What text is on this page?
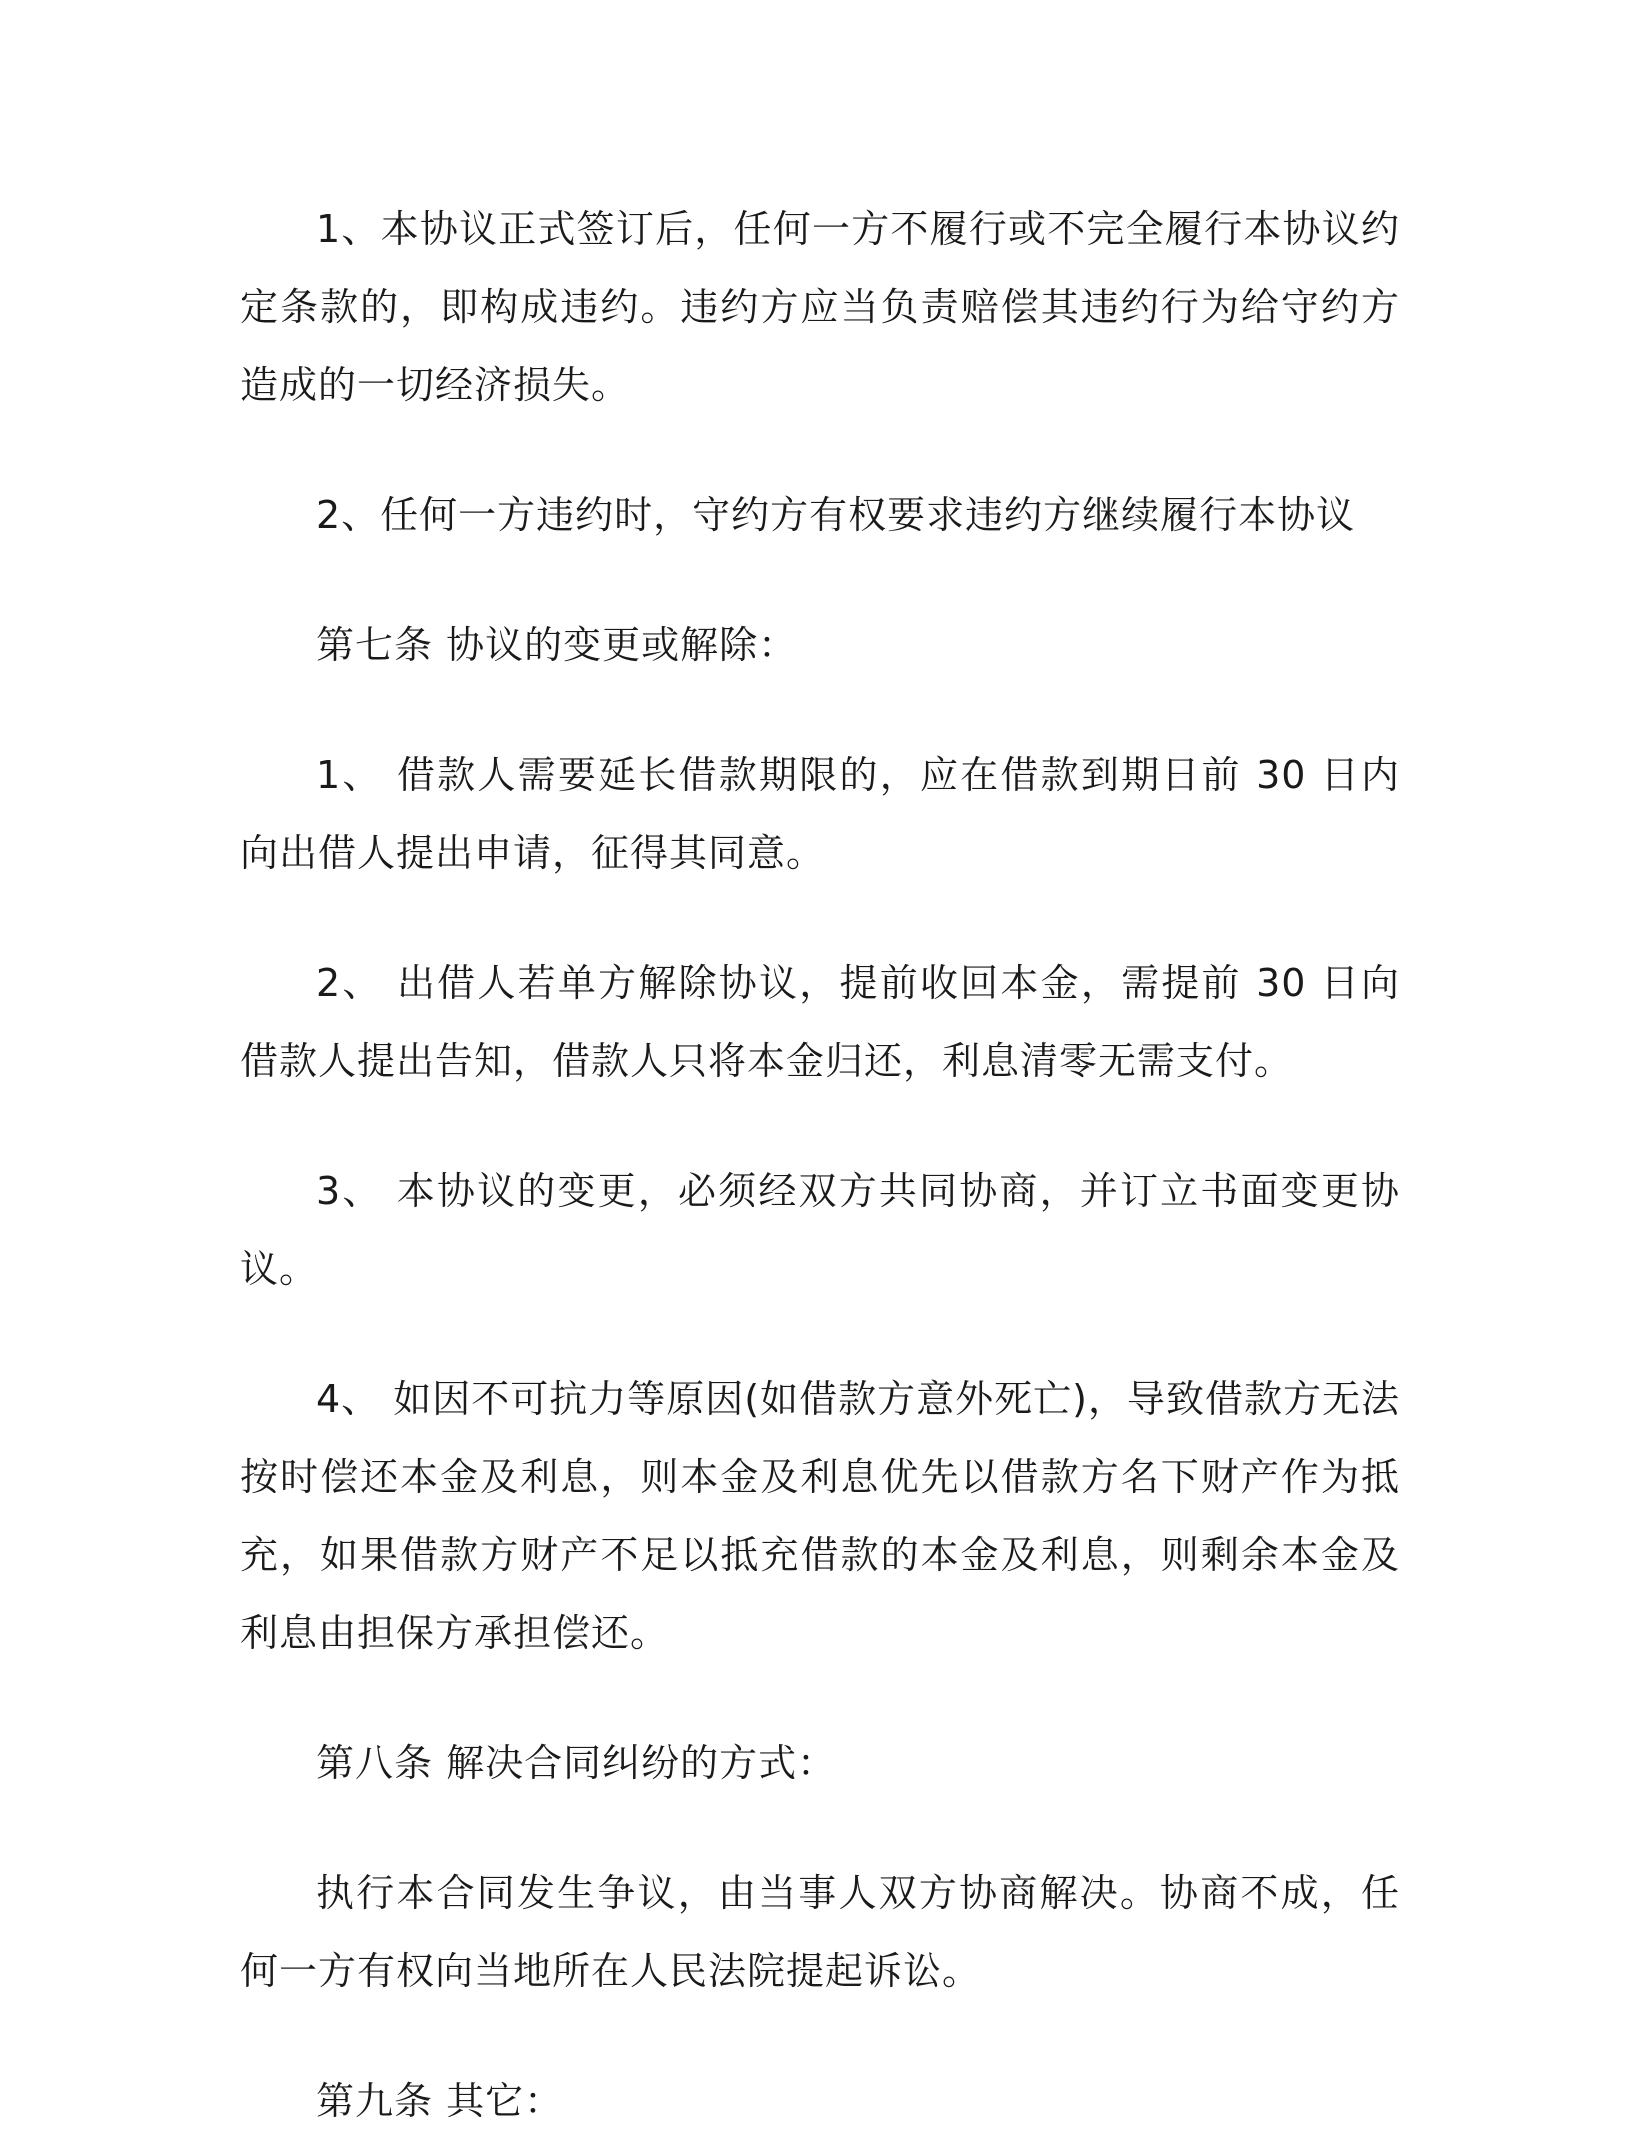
1、本协议正式签订后，任何一方不履行或不完全履行本协议约定条款的，即构成违约。违约方应当负责赔偿其违约行为给守约方造成的一切经济损失。

2、任何一方违约时，守约方有权要求违约方继续履行本协议

第七条 协议的变更或解除：

1、 借款人需要延长借款期限的，应在借款到期日前 30 日内向出借人提出申请，征得其同意。

2、 出借人若单方解除协议，提前收回本金，需提前 30 日向借款人提出告知，借款人只将本金归还，利息清零无需支付。

3、 本协议的变更，必须经双方共同协商，并订立书面变更协议。

4、 如因不可抗力等原因(如借款方意外死亡)，导致借款方无法按时偿还本金及利息，则本金及利息优先以借款方名下财产作为抵充，如果借款方财产不足以抵充借款的本金及利息，则剩余本金及利息由担保方承担偿还。

第八条 解决合同纠纷的方式：

执行本合同发生争议，由当事人双方协商解决。协商不成，任何一方有权向当地所在人民法院提起诉讼。

第九条 其它：
